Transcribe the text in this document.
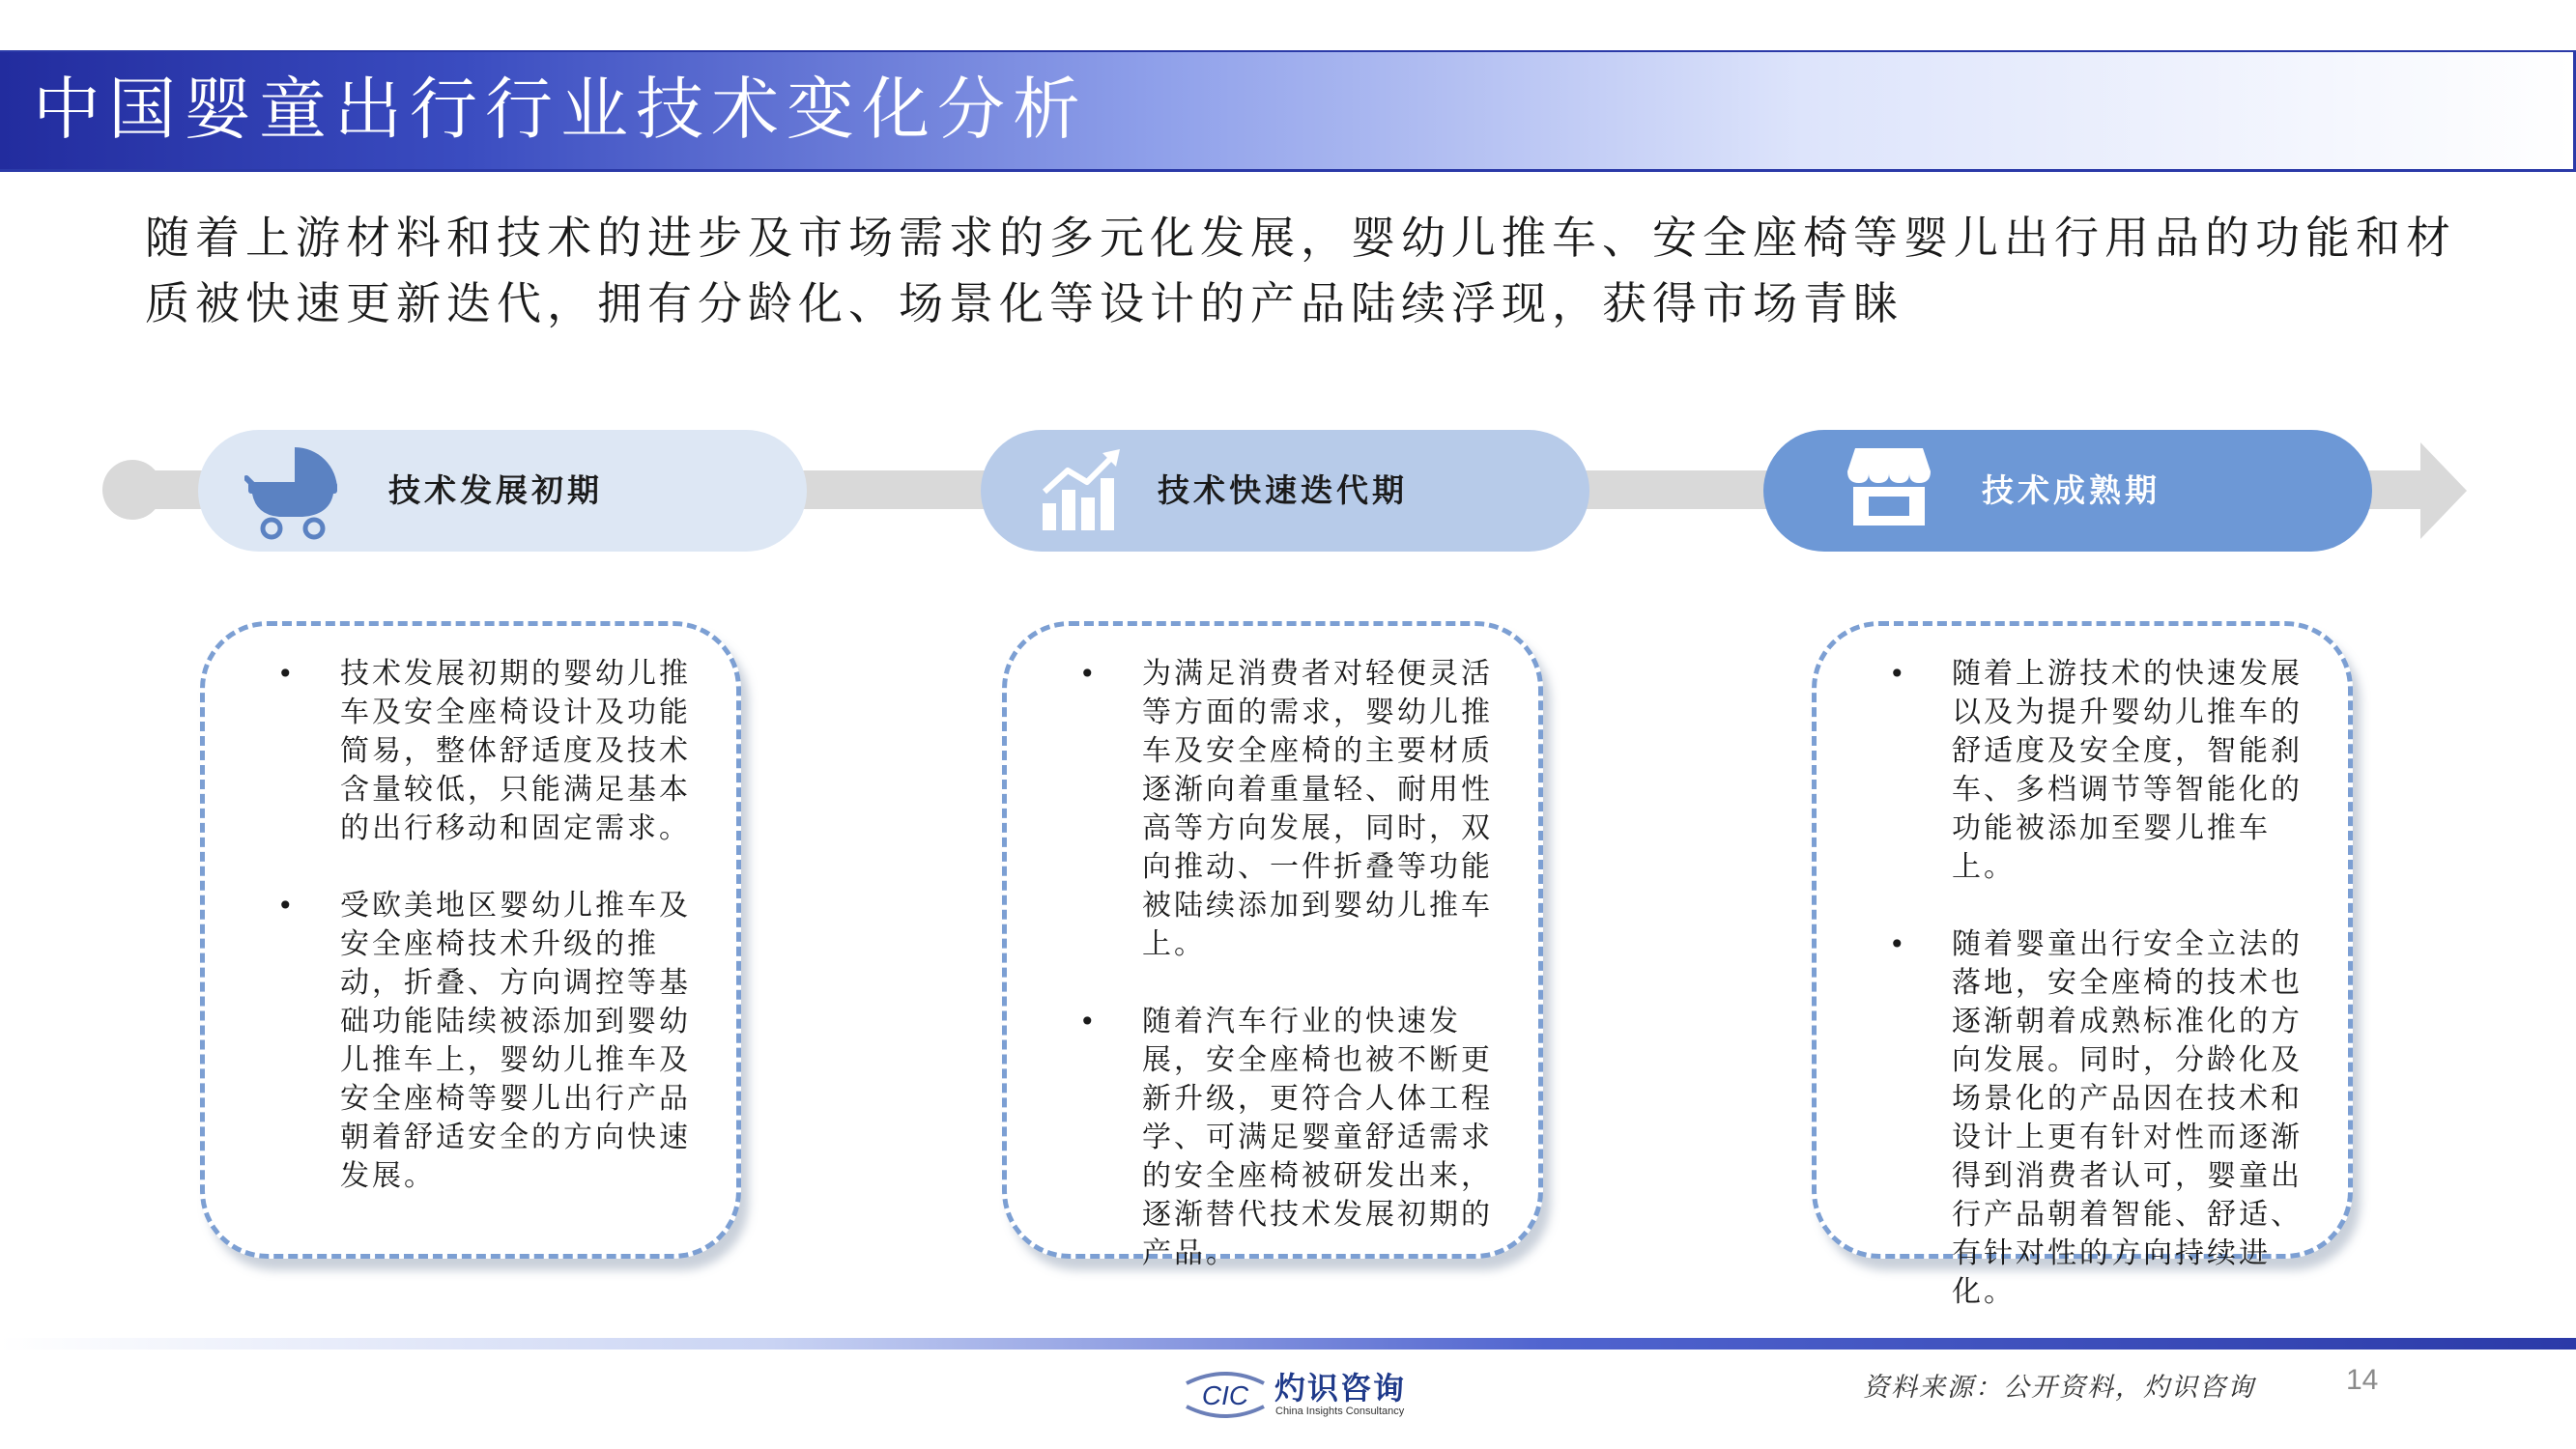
中国婴童出行行业技术变化分析
随着上游材料和技术的进步及市场需求的多元化发展，婴幼儿推车、安全座椅等婴儿出行用品的功能和材质被快速更新迭代，拥有分龄化、场景化等设计的产品陆续浮现，获得市场青睐
技术发展初期	技术快速迭代期	技术成熟期
• 技术发展初期的婴幼儿推车及安全座椅设计及功能简易，整体舒适度及技术含量较低，只能满足基本的出行移动和固定需求。
• 受欧美地区婴幼儿推车及安全座椅技术升级的推动，折叠、方向调控等基础功能陆续被添加到婴幼儿推车上，婴幼儿推车及安全座椅等婴儿出行产品朝着舒适安全的方向快速发展。
• 为满足消费者对轻便灵活等方面的需求，婴幼儿推车及安全座椅的主要材质逐渐向着重量轻、耐用性高等方向发展，同时，双向推动、一件折叠等功能被陆续添加到婴幼儿推车上。
• 随着汽车行业的快速发展，安全座椅也被不断更新升级，更符合人体工程学、可满足婴童舒适需求的安全座椅被研发出来，逐渐替代技术发展初期的产品。
• 随着上游技术的快速发展以及为提升婴幼儿推车的舒适度及安全度，智能刹车、多档调节等智能化的功能被添加至婴儿推车上。
• 随着婴童出行安全立法的落地，安全座椅的技术也逐渐朝着成熟标准化的方向发展。同时，分龄化及场景化的产品因在技术和设计上更有针对性而逐渐得到消费者认可，婴童出行产品朝着智能、舒适、有针对性的方向持续进化。
CIC 灼识咨询
China Insights Consultancy
资料来源：公开资料，灼识咨询	14
